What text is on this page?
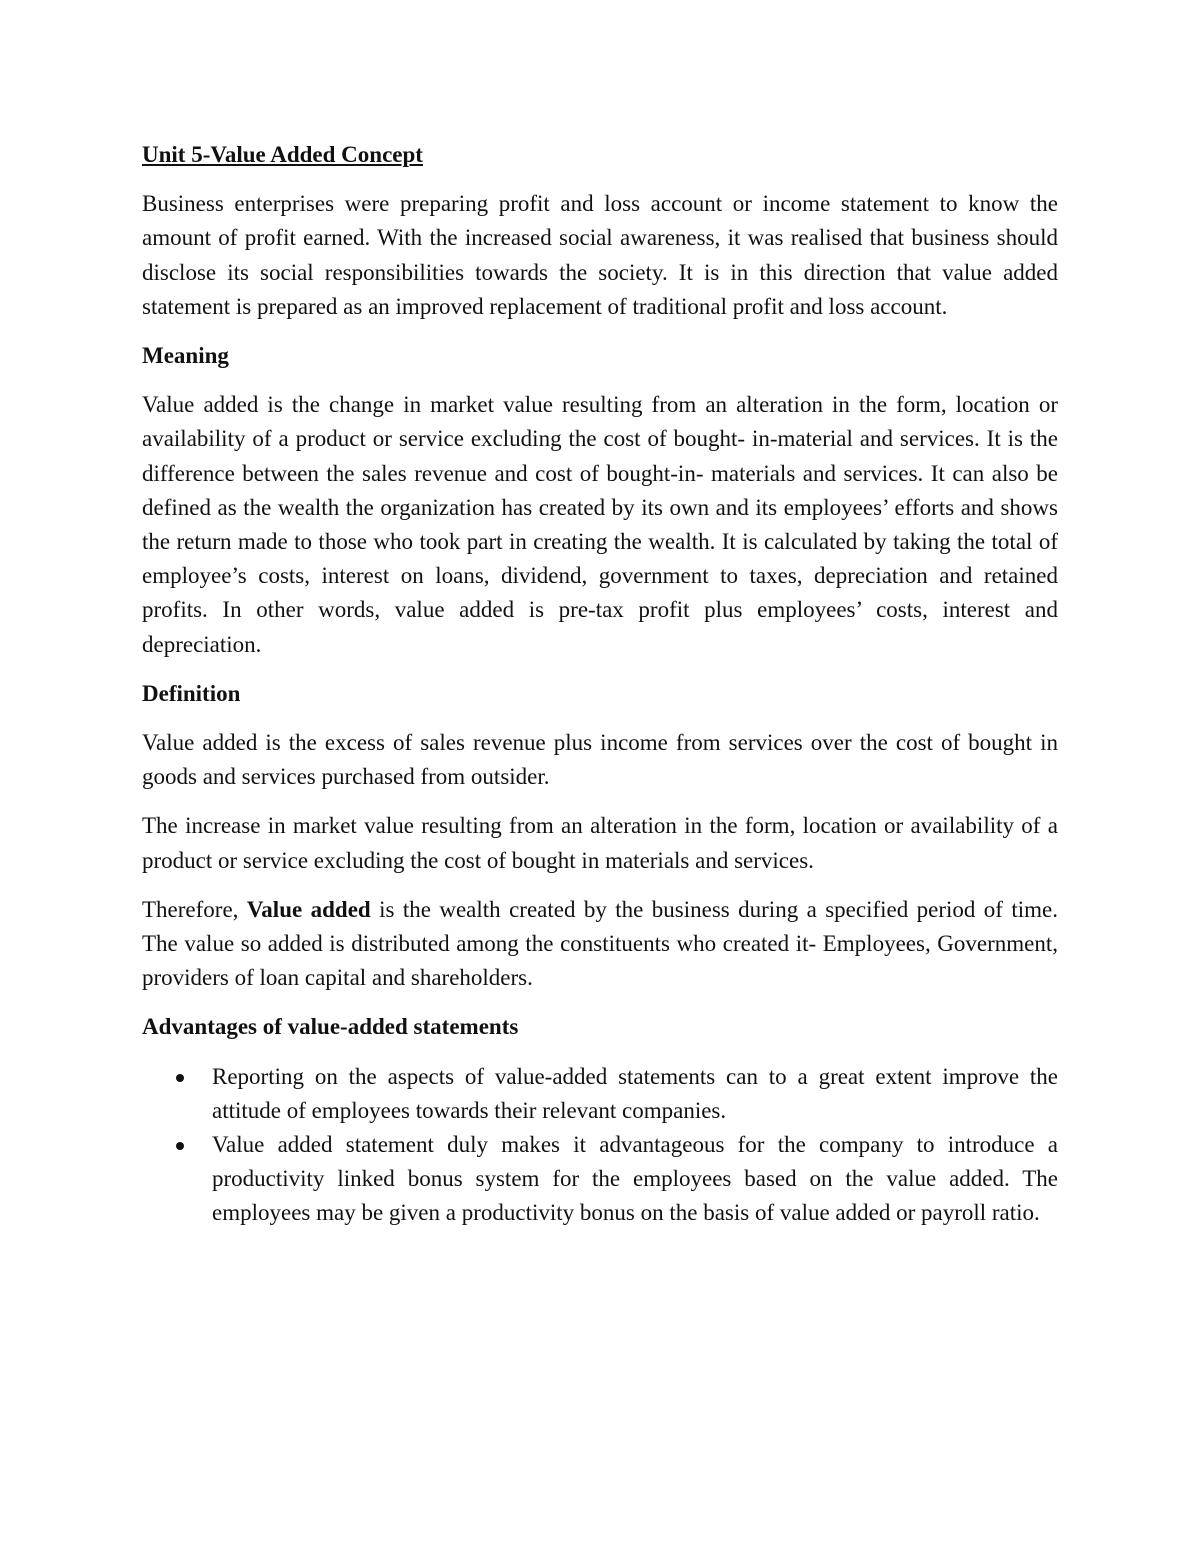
Unit 5-Value Added Concept

Business enterprises were preparing profit and loss account or income statement to know the amount of profit earned. With the increased social awareness, it was realised that business should disclose its social responsibilities towards the society. It is in this direction that value added statement is prepared as an improved replacement of traditional profit and loss account.

Meaning

Value added is the change in market value resulting from an alteration in the form, location or availability of a product or service excluding the cost of bought- in-material and services. It is the difference between the sales revenue and cost of bought-in- materials and services. It can also be defined as the wealth the organization has created by its own and its employees’ efforts and shows the return made to those who took part in creating the wealth. It is calculated by taking the total of employee’s costs, interest on loans, dividend, government to taxes, depreciation and retained profits. In other words, value added is pre-tax profit plus employees’ costs, interest and depreciation.

Definition

Value added is the excess of sales revenue plus income from services over the cost of bought in goods and services purchased from outsider.

The increase in market value resulting from an alteration in the form, location or availability of a product or service excluding the cost of bought in materials and services.

Therefore, Value added is the wealth created by the business during a specified period of time. The value so added is distributed among the constituents who created it- Employees, Government, providers of loan capital and shareholders.

Advantages of value-added statements
Reporting on the aspects of value-added statements can to a great extent improve the attitude of employees towards their relevant companies.
Value added statement duly makes it advantageous for the company to introduce a productivity linked bonus system for the employees based on the value added. The employees may be given a productivity bonus on the basis of value added or payroll ratio.
